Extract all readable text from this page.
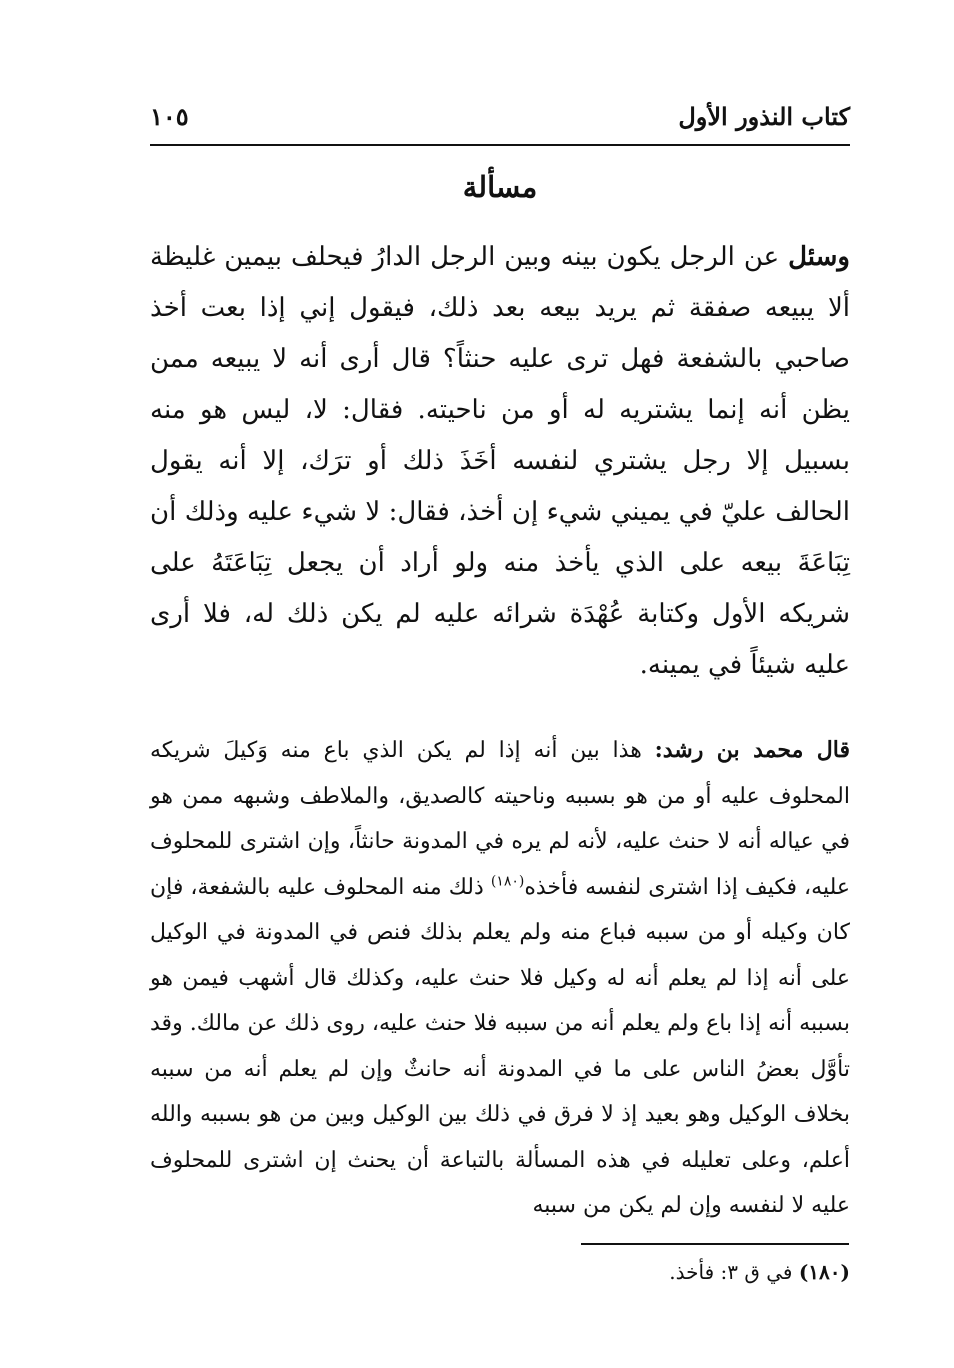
كتاب النذور الأول
١٠٥
مسألة

وسئل عن الرجل يكون بينه وبين الرجل الدارُ فيحلف بيمين غليظة ألا يبيعه صفقة ثم يريد بيعه بعد ذلك، فيقول إني إذا بعت أخذ صاحبي بالشفعة فهل ترى عليه حنثاً؟ قال أرى أنه لا يبيعه ممن يظن أنه إنما يشتريه له أو من ناحيته. فقال: لا، ليس هو منه بسبيل إلا رجل يشتري لنفسه أخَذَ ذلك أو ترَك، إلا أنه يقول الحالف عليّ في يميني شيء إن أخذ، فقال: لا شيء عليه وذلك أن تِبَاعَةَ بيعه على الذي يأخذ منه ولو أراد أن يجعل تِبَاعَتَهُ على شريكه الأول وكتابة عُهْدَة شرائه عليه لم يكن ذلك له، فلا أرى عليه شيئاً في يمينه.

قال محمد بن رشد: هذا بين أنه إذا لم يكن الذي باع منه وَكيلَ شريكه المحلوف عليه أو من هو بسببه وناحيته كالصديق، والملاطف وشبهه ممن هو في عياله أنه لا حنث عليه، لأنه لم يره في المدونة حانثاً، وإن اشترى للمحلوف عليه، فكيف إذا اشترى لنفسه فأخذه$^{(١٨٠)}$ ذلك منه المحلوف عليه بالشفعة، فإن كان وكيله أو من سببه فباع منه ولم يعلم بذلك فنص في المدونة في الوكيل على أنه إذا لم يعلم أنه له وكيل فلا حنث عليه، وكذلك قال أشهب فيمن هو بسببه أنه إذا باع ولم يعلم أنه من سببه فلا حنث عليه، روى ذلك عن مالك. وقد تأوَّل بعضُ الناس على ما في المدونة أنه حانثٌ وإن لم يعلم أنه من سببه بخلاف الوكيل وهو بعيد إذ لا فرق في ذلك بين الوكيل وبين من هو بسببه والله أعلم، وعلى تعليله في هذه المسألة بالتباعة أن يحنث إن اشترى للمحلوف عليه لا لنفسه وإن لم يكن من سببه

(١٨٠) في ق ٣: فأخذ.
